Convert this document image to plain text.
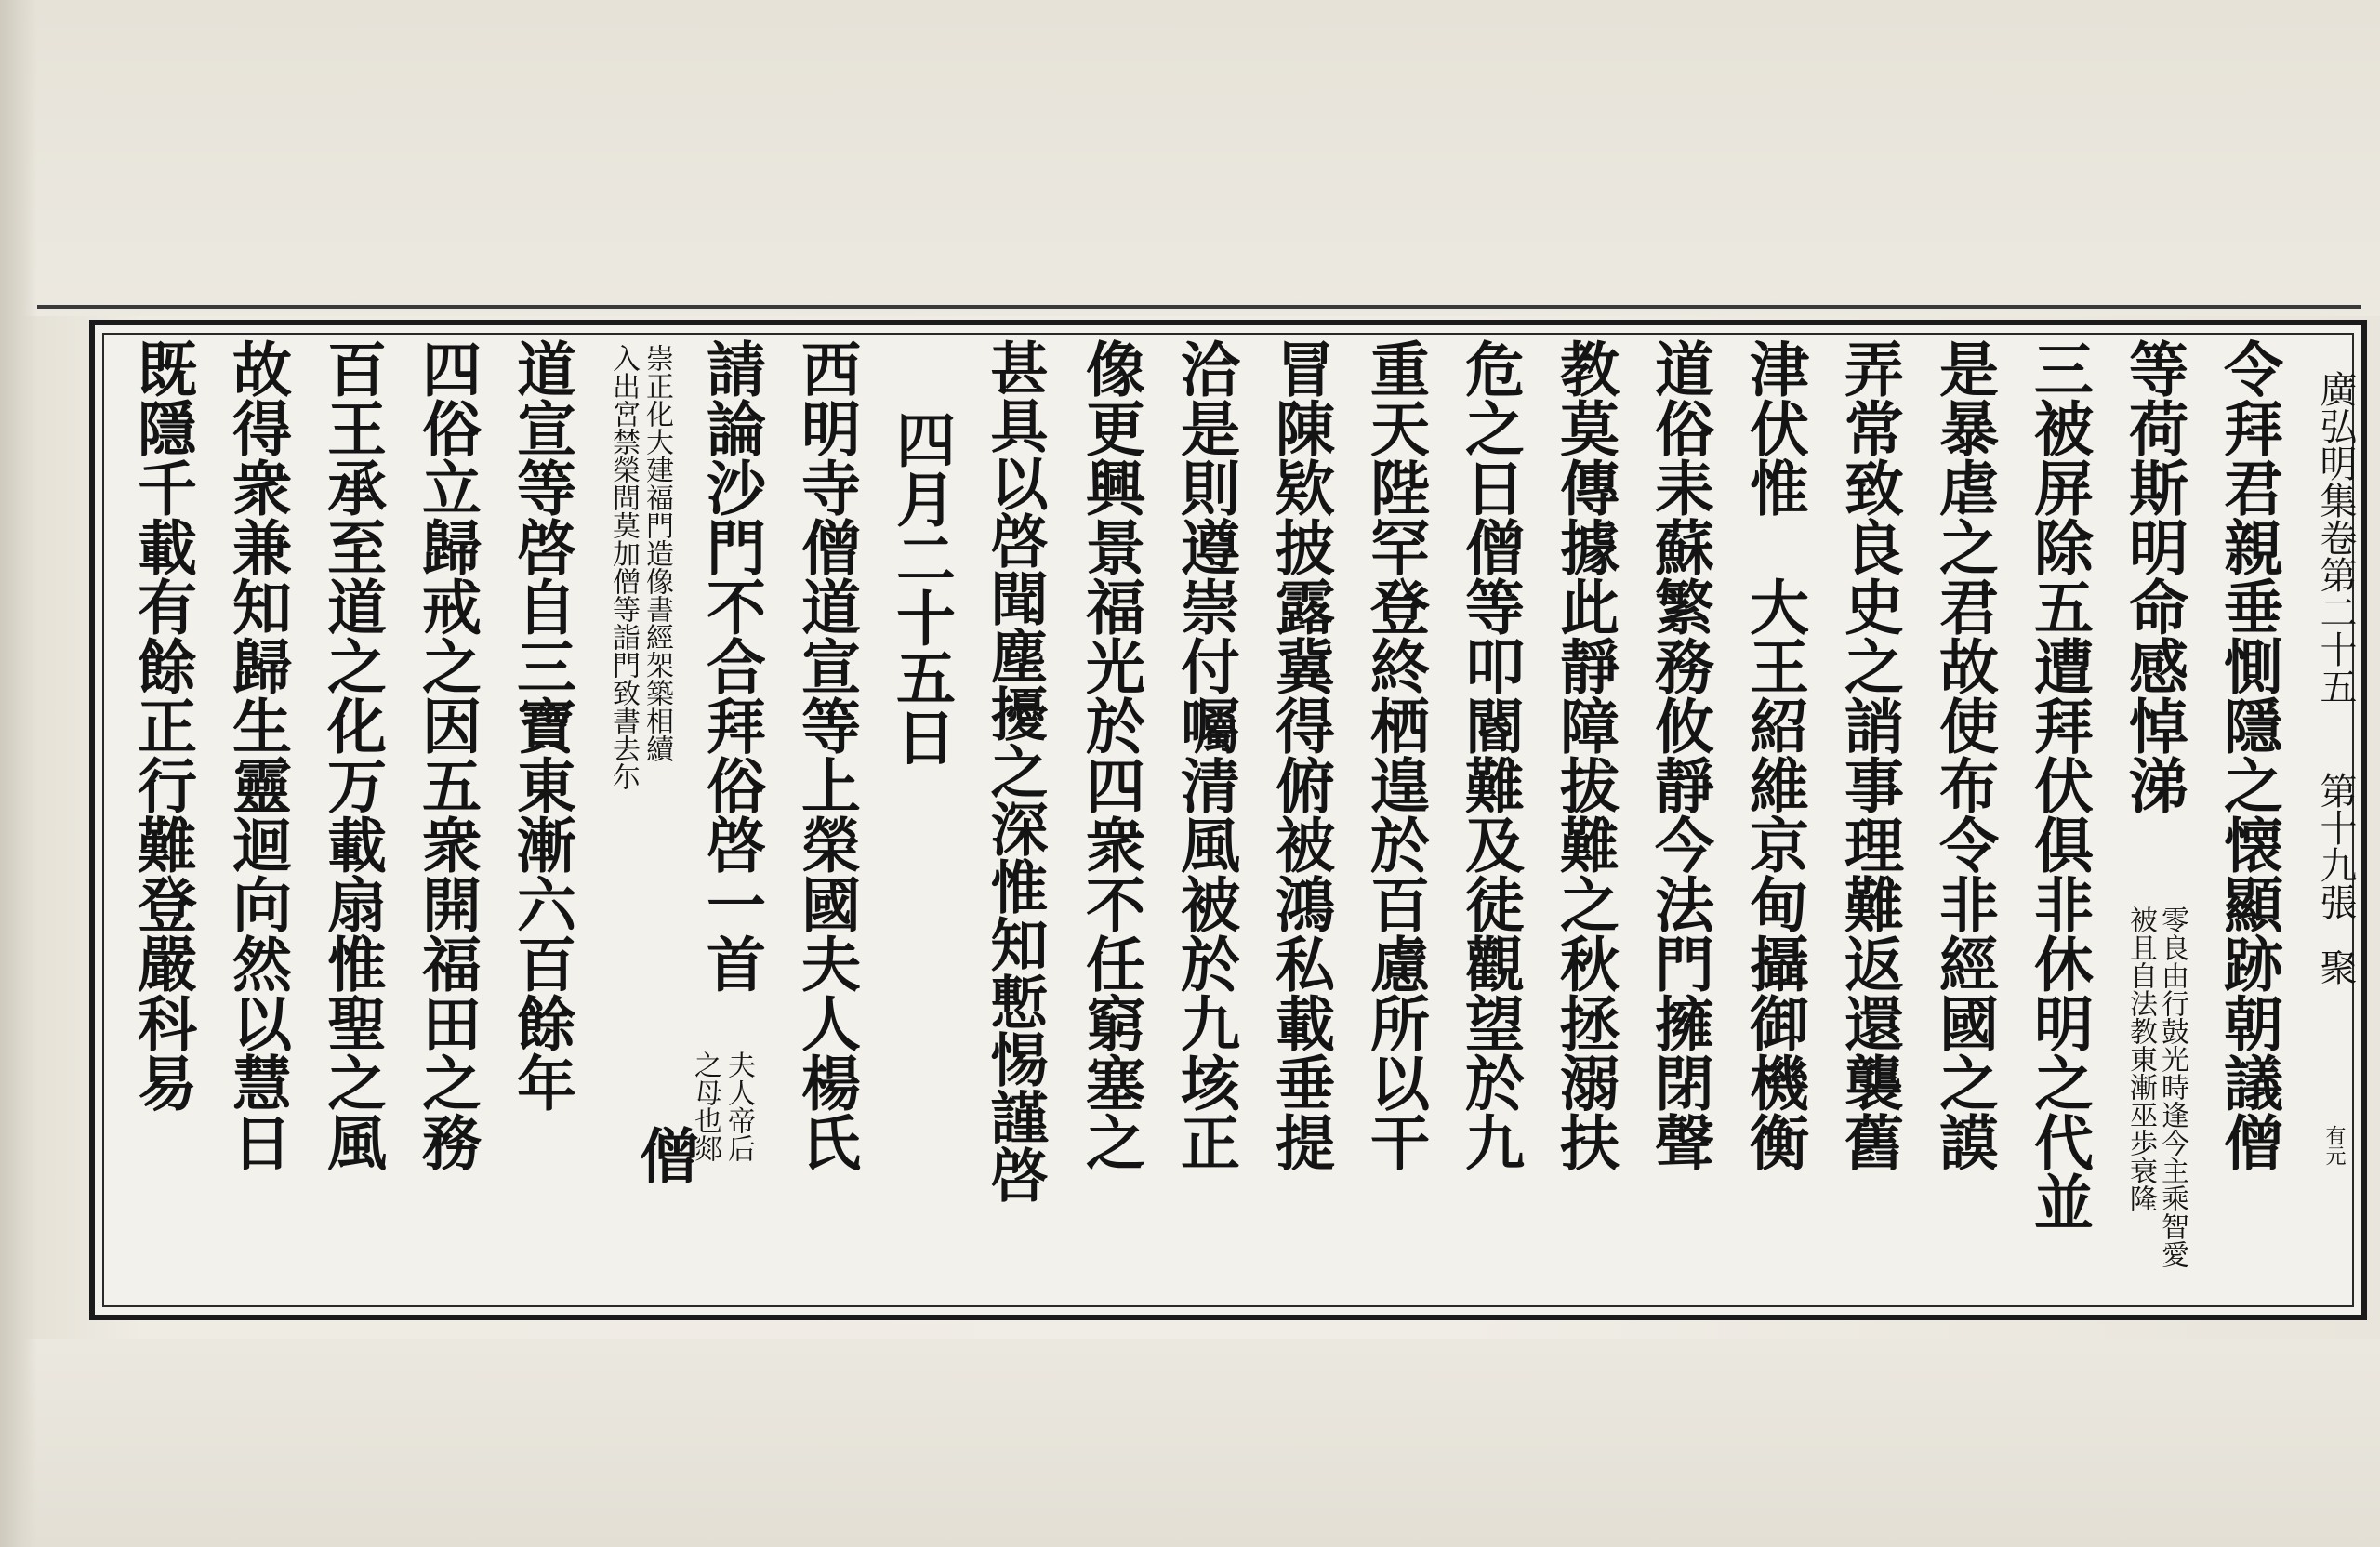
廣弘明集卷第二十五
第十九張
聚
有元
令拜君親垂惻隱之懐顯跡朝議僧
等荷斯明命感悼涕
零良由行鼓光時逢今主乘智愛
三被屏除五遭拜伏俱非休明之代並 被且自法教東漸巫歩衰隆
是暴虐之君故使布令非經國之謨
弄常致良史之誚事理難返還襲舊
津伏惟　大王紹維京甸攝御機衡
道俗耒蘇繁務攸靜今法門擁閉聲
教莫傳據此靜障拔難之秋拯溺扶
危之日僧等叩閽難及徒觀望於九
重天陛罕登終栖遑於百慮所以干
冒陳欵披露冀得俯被鴻私載垂提
洽是則遵崇付囑清風被於九垓正
像更興景福光於四衆不任窮塞之
甚具以啓聞塵擾之深惟知慙惕謹啓
四月二十五日
西明寺僧道宣等上榮國夫人楊氏
請論沙門不合拜俗啓一首
夫人帝后
之母也郯
僧
崇正化大建福門造像書經架築相續
入出宮禁榮問莫加僧等詣門致書去尓
道宣等啓自三寶東漸六百餘年
四俗立歸戒之因五衆開福田之務
百王承至道之化万載扇惟聖之風
故得衆兼知歸生靈迴向然以慧日
既隱千載有餘正行難登嚴科易
